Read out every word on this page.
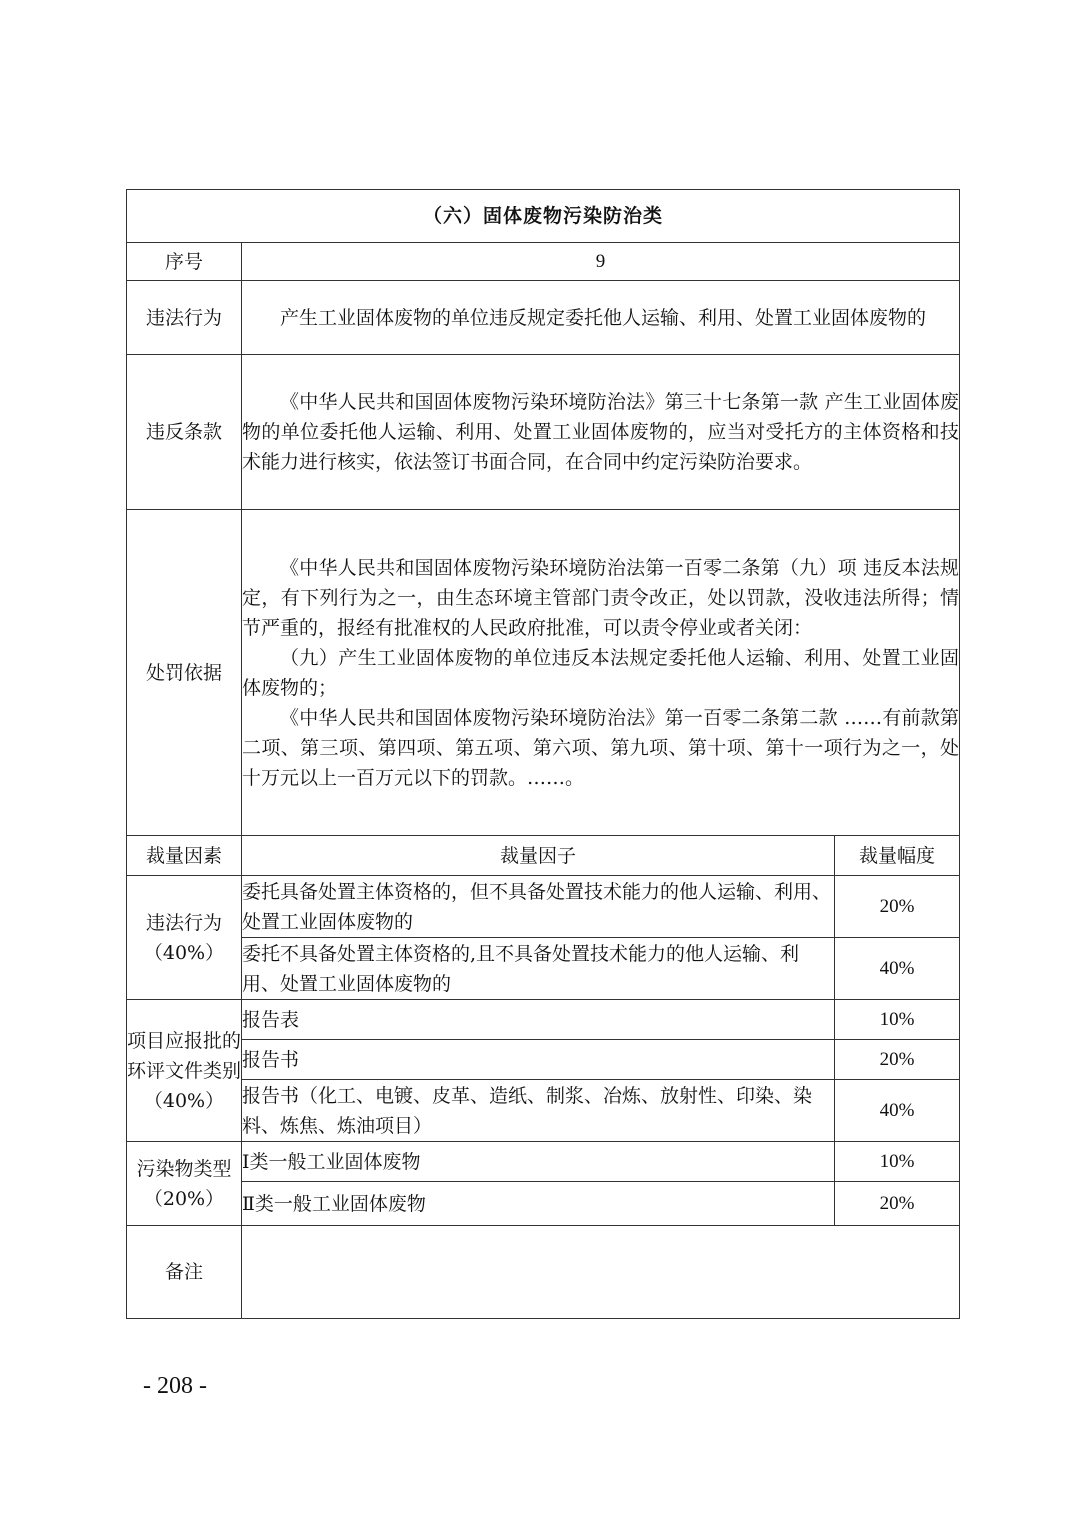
（六）固体废物污染防治类		
序号	9	
违法行为	产生工业固体废物的单位违反规定委托他人运输、利用、处置工业固体废物的	

违反条款	《中华人民共和国固体废物污染环境防治法》第三十七条第一款 产生工业固体废物的单位委托他人运输、利用、处置工业固体废物的，应当对受托方的主体资格和技术能力进行核实，依法签订书面合同，在合同中约定污染防治要求。	

处罚依据	《中华人民共和国固体废物污染环境防治法第一百零二条第（九）项 违反本法规定，有下列行为之一，由生态环境主管部门责令改正，处以罚款，没收违法所得；情节严重的，报经有批准权的人民政府批准，可以责令停业或者关闭：

（九）产生工业固体废物的单位违反本法规定委托他人运输、利用、处置工业固体废物的；

《中华人民共和国固体废物污染环境防治法》第一百零二条第二款 ……有前款第二项、第三项、第四项、第五项、第六项、第九项、第十项、第十一项行为之一，处十万元以上一百万元以下的罚款。……。	

裁量因素	裁量因子	裁量幅度
违法行为（40%）	委托具备处置主体资格的，但不具备处置技术能力的他人运输、利用、处置工业固体废物的	20%
	委托不具备处置主体资格的,且不具备处置技术能力的他人运输、利用、处置工业固体废物的	40%
项目应报批的环评文件类别（40%）	报告表	10%
	报告书	20%
	报告书（化工、电镀、皮革、造纸、制浆、冶炼、放射性、印染、染料、炼焦、炼油项目）	40%
污染物类型（20%）	Ⅰ类一般工业固体废物	10%
	Ⅱ类一般工业固体废物	20%
备注		
- 208 -
